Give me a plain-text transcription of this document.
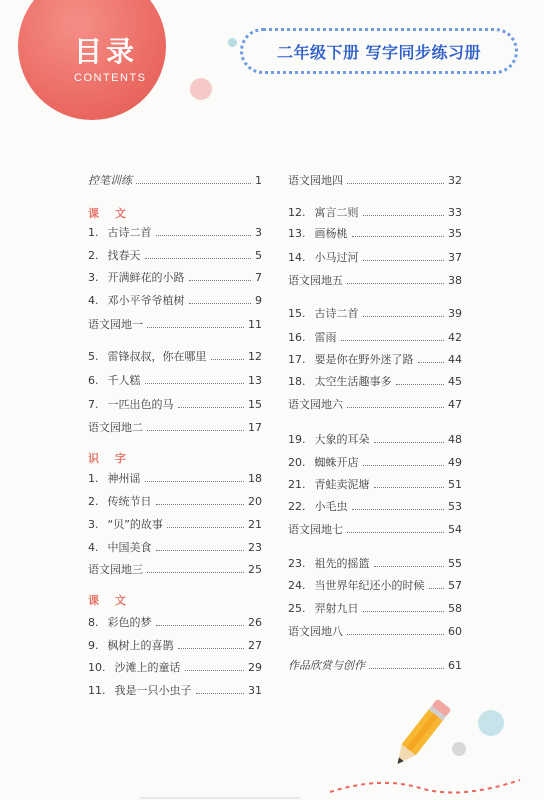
目录
CONTENTS
二年级下册 写字同步练习册
控笔训练	1
课 文
1. 古诗二首	3
2. 找春天	5
3. 开满鲜花的小路	7
4. 邓小平爷爷植树	9
语文园地一	11
5. 雷锋叔叔，你在哪里	12
6. 千人糕	13
7. 一匹出色的马	15
语文园地二	17
识 字
1. 神州谣	18
2. 传统节日	20
3. “贝”的故事	21
4. 中国美食	23
语文园地三	25
课 文
8. 彩色的梦	26
9. 枫树上的喜鹊	27
10. 沙滩上的童话	29
11. 我是一只小虫子	31
语文园地四	32
12. 寓言二则	33
13. 画杨桃	35
14. 小马过河	37
语文园地五	38
15. 古诗二首	39
16. 雷雨	42
17. 要是你在野外迷了路	44
18. 太空生活趣事多	45
语文园地六	47
19. 大象的耳朵	48
20. 蜘蛛开店	49
21. 青蛙卖泥塘	51
22. 小毛虫	53
语文园地七	54
23. 祖先的摇篮	55
24. 当世界年纪还小的时候 57
25. 羿射九日	58
语文园地八	60
作品欣赏与创作	61
